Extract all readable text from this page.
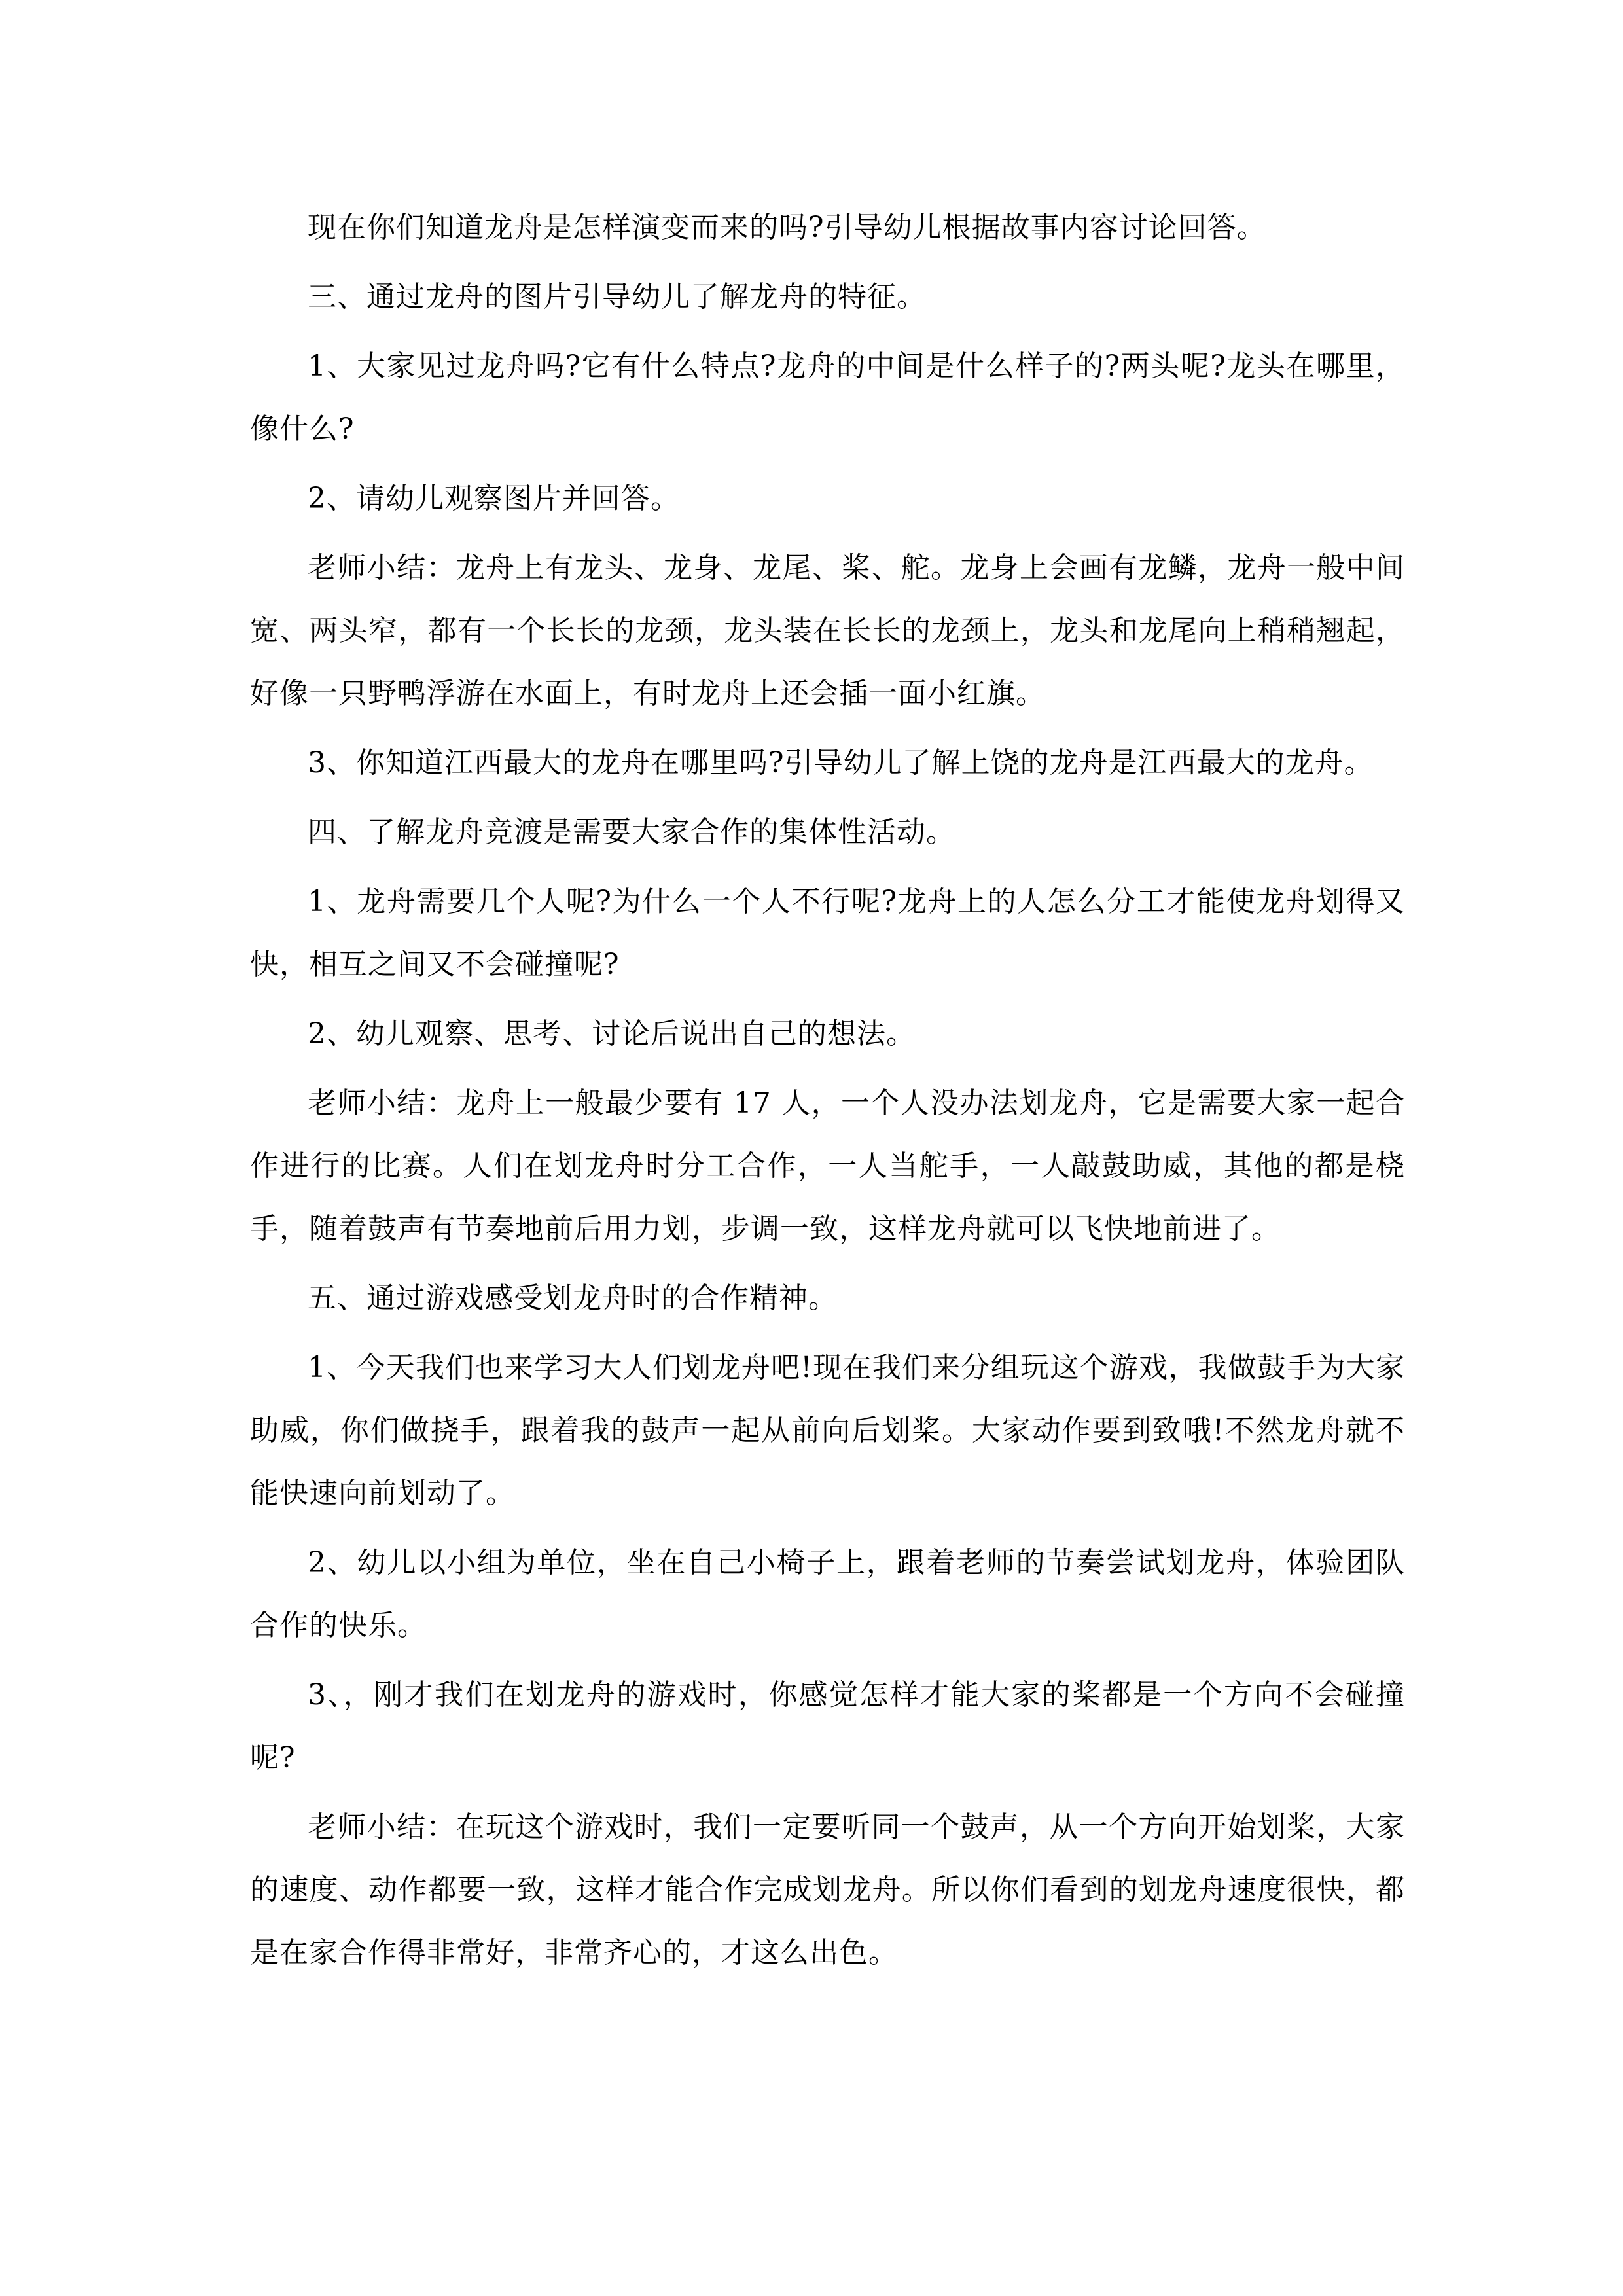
现在你们知道龙舟是怎样演变而来的吗?引导幼儿根据故事内容讨论回答。

三、通过龙舟的图片引导幼儿了解龙舟的特征。

1、大家见过龙舟吗?它有什么特点?龙舟的中间是什么样子的?两头呢?龙头在哪里，像什么?

2、请幼儿观察图片并回答。

老师小结：龙舟上有龙头、龙身、龙尾、桨、舵。龙身上会画有龙鳞，龙舟一般中间宽、两头窄，都有一个长长的龙颈，龙头装在长长的龙颈上，龙头和龙尾向上稍稍翘起，好像一只野鸭浮游在水面上，有时龙舟上还会插一面小红旗。

3、你知道江西最大的龙舟在哪里吗?引导幼儿了解上饶的龙舟是江西最大的龙舟。

四、了解龙舟竞渡是需要大家合作的集体性活动。

1、龙舟需要几个人呢?为什么一个人不行呢?龙舟上的人怎么分工才能使龙舟划得又快，相互之间又不会碰撞呢?

2、幼儿观察、思考、讨论后说出自己的想法。

老师小结：龙舟上一般最少要有 17 人，一个人没办法划龙舟，它是需要大家一起合作进行的比赛。人们在划龙舟时分工合作，一人当舵手，一人敲鼓助威，其他的都是桡手，随着鼓声有节奏地前后用力划，步调一致，这样龙舟就可以飞快地前进了。

五、通过游戏感受划龙舟时的合作精神。

1、今天我们也来学习大人们划龙舟吧!现在我们来分组玩这个游戏，我做鼓手为大家助威，你们做挠手，跟着我的鼓声一起从前向后划桨。大家动作要到致哦!不然龙舟就不能快速向前划动了。

2、幼儿以小组为单位，坐在自己小椅子上，跟着老师的节奏尝试划龙舟，体验团队合作的快乐。

3、，刚才我们在划龙舟的游戏时，你感觉怎样才能大家的桨都是一个方向不会碰撞呢?

老师小结：在玩这个游戏时，我们一定要听同一个鼓声，从一个方向开始划桨，大家的速度、动作都要一致，这样才能合作完成划龙舟。所以你们看到的划龙舟速度很快，都是在家合作得非常好，非常齐心的，才这么出色。
